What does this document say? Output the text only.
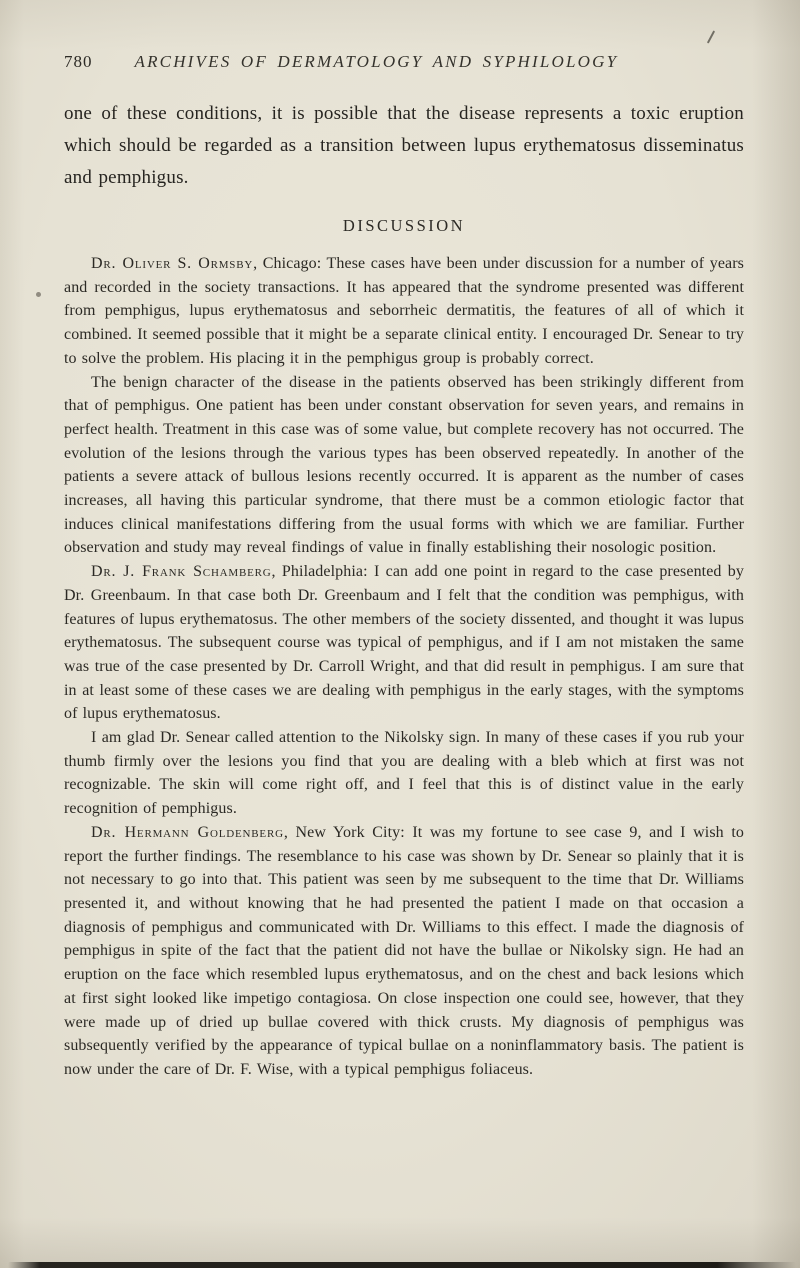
780 ARCHIVES OF DERMATOLOGY AND SYPHILOLOGY

one of these conditions, it is possible that the disease represents a toxic eruption which should be regarded as a transition between lupus erythematosus disseminatus and pemphigus.

DISCUSSION

Dr. Oliver S. Ormsby, Chicago: These cases have been under discussion for a number of years and recorded in the society transactions. It has appeared that the syndrome presented was different from pemphigus, lupus erythematosus and seborrheic dermatitis, the features of all of which it combined. It seemed possible that it might be a separate clinical entity. I encouraged Dr. Senear to try to solve the problem. His placing it in the pemphigus group is probably correct.

The benign character of the disease in the patients observed has been strikingly different from that of pemphigus. One patient has been under constant observation for seven years, and remains in perfect health. Treatment in this case was of some value, but complete recovery has not occurred. The evolution of the lesions through the various types has been observed repeatedly. In another of the patients a severe attack of bullous lesions recently occurred. It is apparent as the number of cases increases, all having this particular syndrome, that there must be a common etiologic factor that induces clinical manifestations differing from the usual forms with which we are familiar. Further observation and study may reveal findings of value in finally establishing their nosologic position.

Dr. J. Frank Schamberg, Philadelphia: I can add one point in regard to the case presented by Dr. Greenbaum. In that case both Dr. Greenbaum and I felt that the condition was pemphigus, with features of lupus erythematosus. The other members of the society dissented, and thought it was lupus erythematosus. The subsequent course was typical of pemphigus, and if I am not mistaken the same was true of the case presented by Dr. Carroll Wright, and that did result in pemphigus. I am sure that in at least some of these cases we are dealing with pemphigus in the early stages, with the symptoms of lupus erythematosus.

I am glad Dr. Senear called attention to the Nikolsky sign. In many of these cases if you rub your thumb firmly over the lesions you find that you are dealing with a bleb which at first was not recognizable. The skin will come right off, and I feel that this is of distinct value in the early recognition of pemphigus.

Dr. Hermann Goldenberg, New York City: It was my fortune to see case 9, and I wish to report the further findings. The resemblance to his case was shown by Dr. Senear so plainly that it is not necessary to go into that. This patient was seen by me subsequent to the time that Dr. Williams presented it, and without knowing that he had presented the patient I made on that occasion a diagnosis of pemphigus and communicated with Dr. Williams to this effect. I made the diagnosis of pemphigus in spite of the fact that the patient did not have the bullae or Nikolsky sign. He had an eruption on the face which resembled lupus erythematosus, and on the chest and back lesions which at first sight looked like impetigo contagiosa. On close inspection one could see, however, that they were made up of dried up bullae covered with thick crusts. My diagnosis of pemphigus was subsequently verified by the appearance of typical bullae on a noninflammatory basis. The patient is now under the care of Dr. F. Wise, with a typical pemphigus foliaceus.
